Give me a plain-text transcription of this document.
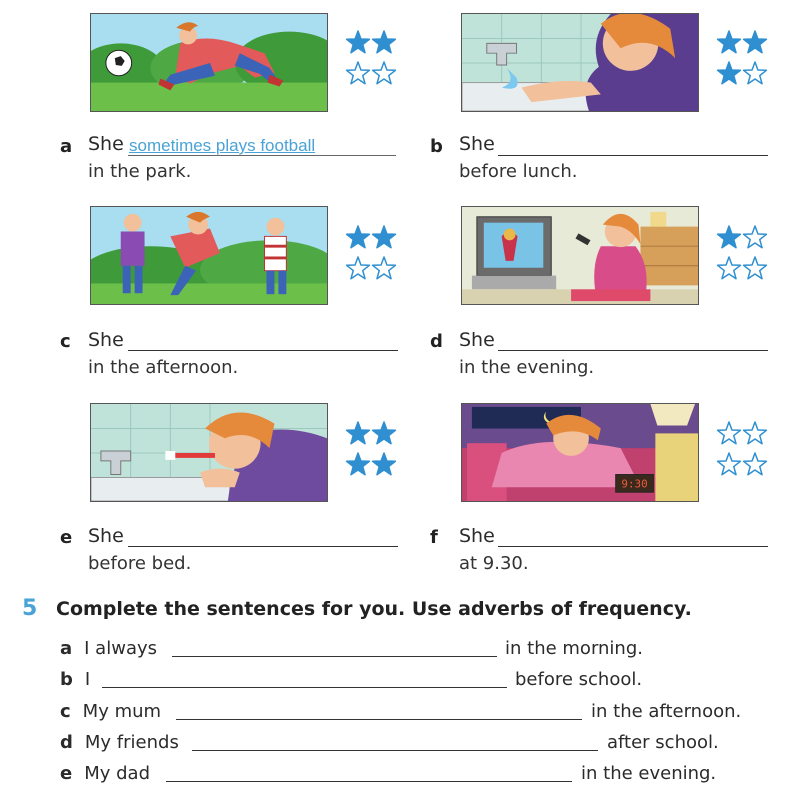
a She sometimes plays football
in the park.
b She
before lunch.
c She
in the afternoon.
d She
in the evening.
9:30
e She
before bed.
f She
at 9.30.
5 Complete the sentences for you. Use adverbs of frequency.
a I always	in the morning.
b I	before school.
c My mum	in the afternoon.
d My friends	after school.
e My dad	in the evening.
